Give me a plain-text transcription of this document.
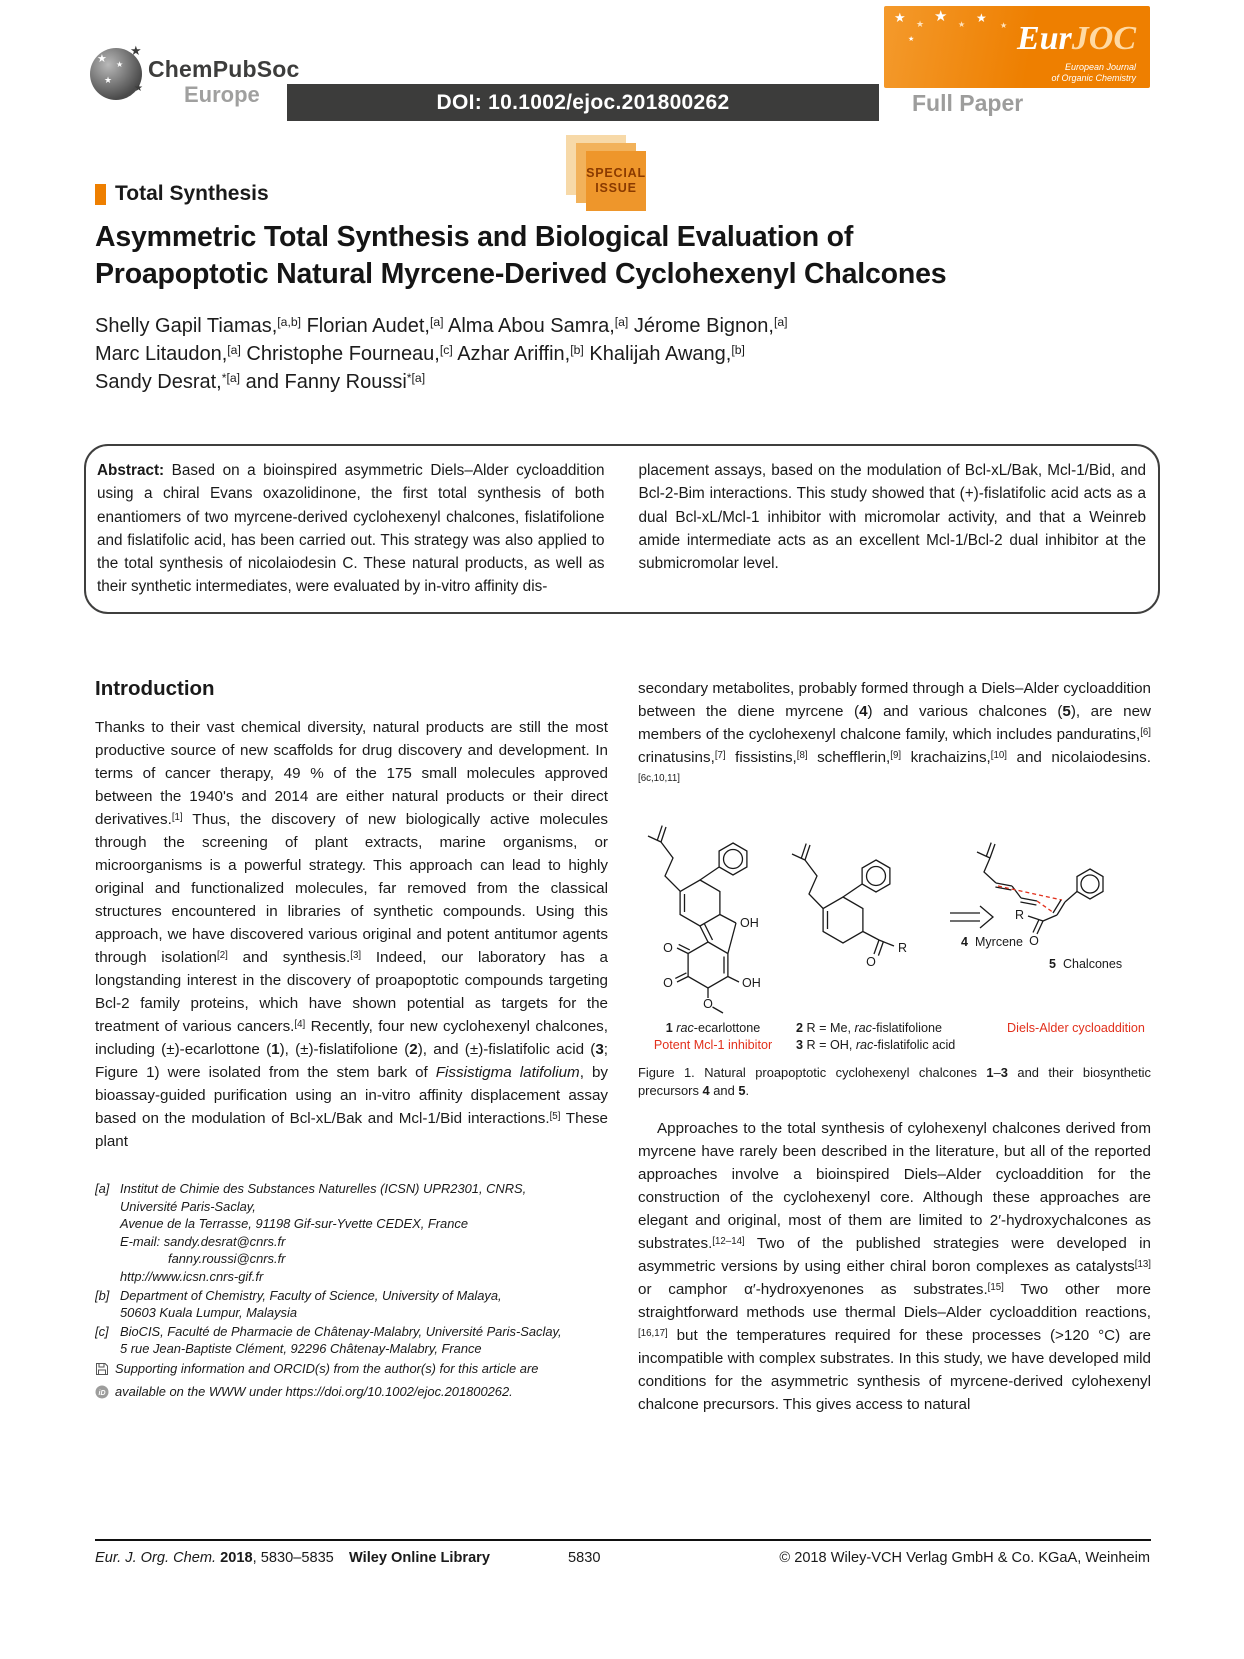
★ ★
★
★
★
ChemPubSoc
Europe	DOI: 10.1002/ejoc.201800262
★ ★ ★ ★ ★
★
★	EurJOC
European Journal
of Organic Chemistry
Full Paper
SPECIAL
ISSUE
Total Synthesis
Asymmetric Total Synthesis and Biological Evaluation of
Proapoptotic Natural Myrcene-Derived Cyclohexenyl Chalcones
Shelly Gapil Tiamas,[a,b] Florian Audet,[a] Alma Abou Samra,[a] Jérome Bignon,[a]
Marc Litaudon,[a] Christophe Fourneau,[c] Azhar Ariffin,[b] Khalijah Awang,[b]
Sandy Desrat,$^{*[a]}$ and Fanny Roussi$^{*[a]}$
Abstract: Based on a bioinspired asymmetric Diels–Alder cycloaddition using a chiral Evans oxazolidinone, the first total synthesis of both enantiomers of two myrcene-derived cyclohexenyl chalcones, fislatifolione and fislatifolic acid, has been carried out. This strategy was also applied to the total synthesis of nicolaiodesin C. These natural products, as well as their synthetic intermediates, were evaluated by in-vitro affinity dis-
placement assays, based on the modulation of Bcl-xL/Bak, Mcl-1/Bid, and Bcl-2-Bim interactions. This study showed that (+)-fislatifolic acid acts as a dual Bcl-xL/Mcl-1 inhibitor with micromolar activity, and that a Weinreb amide intermediate acts as an excellent Mcl-1/Bcl-2 dual inhibitor at the submicromolar level.
Introduction

Thanks to their vast chemical diversity, natural products are still the most productive source of new scaffolds for drug discovery and development. In terms of cancer therapy, 49 % of the 175 small molecules approved between the 1940's and 2014 are either natural products or their direct derivatives.[1] Thus, the discovery of new biologically active molecules through the screening of plant extracts, marine organisms, or microorganisms is a powerful strategy. This approach can lead to highly original and functionalized molecules, far removed from the classical structures encountered in libraries of synthetic compounds. Using this approach, we have discovered various original and potent antitumor agents through isolation[2] and synthesis.[3] Indeed, our laboratory has a longstanding interest in the discovery of proapoptotic compounds targeting Bcl-2 family proteins, which have shown potential as targets for the treatment of various cancers.[4] Recently, four new cyclohexenyl chalcones, including (±)-ecarlottone (1), (±)-fislatifolione (2), and (±)-fislatifolic acid (3; Figure 1) were isolated from the stem bark of Fissistigma latifolium, by bioassay-guided purification using an in-vitro affinity displacement assay based on the modulation of Bcl-xL/Bak and Mcl-1/Bid interactions.[5] These plant

[a] Institut de Chimie des Substances Naturelles (ICSN) UPR2301, CNRS,
Université Paris-Saclay,
Avenue de la Terrasse, 91198 Gif-sur-Yvette CEDEX, France
E-mail: sandy.desrat@cnrs.fr
fanny.roussi@cnrs.fr
http://www.icsn.cnrs-gif.fr
[b] Department of Chemistry, Faculty of Science, University of Malaya,
50603 Kuala Lumpur, Malaysia
[c] BioCIS, Faculté de Pharmacie de Châtenay-Malabry, Université Paris-Saclay,
5 rue Jean-Baptiste Clément, 92296 Châtenay-Malabry, France
Supporting information and ORCID(s) from the author(s) for this article are
iD available on the WWW under https://doi.org/10.1002/ejoc.201800262.

secondary metabolites, probably formed through a Diels–Alder cycloaddition between the diene myrcene (4) and various chalcones (5), are new members of the cyclohexenyl chalcone family, which includes panduratins,[6] crinatusins,[7] fissistins,[8] schefflerin,[9] krachaizins,[10] and nicolaiodesins.[6c,10,11]

OH
O
O	OH
O
O
R	O
R
4 Myrcene
5 Chalcones
1 rac-ecarlottone
Potent Mcl-1 inhibitor
2 R = Me, rac-fislatifolione
3 R = OH, rac-fislatifolic acid
Diels-Alder cycloaddition
Figure 1. Natural proapoptotic cyclohexenyl chalcones 1–3 and their biosynthetic precursors 4 and 5.

Approaches to the total synthesis of cylohexenyl chalcones derived from myrcene have rarely been described in the literature, but all of the reported approaches involve a bioinspired Diels–Alder cycloaddition for the construction of the cyclohexenyl core. Although these approaches are elegant and original, most of them are limited to 2′-hydroxychalcones as substrates.[12–14] Two of the published strategies were developed in asymmetric versions by using either chiral boron complexes as catalysts[13] or camphor α′-hydroxyenones as substrates.[15] Two other more straightforward methods use thermal Diels–Alder cycloaddition reactions,[16,17] but the temperatures required for these processes (>120 °C) are incompatible with complex substrates. In this study, we have developed mild conditions for the asymmetric synthesis of myrcene-derived cylohexenyl chalcone precursors. This gives access to natural

Eur. J. Org. Chem. 2018, 5830–5835 Wiley Online Library	5830	© 2018 Wiley-VCH Verlag GmbH & Co. KGaA, Weinheim
